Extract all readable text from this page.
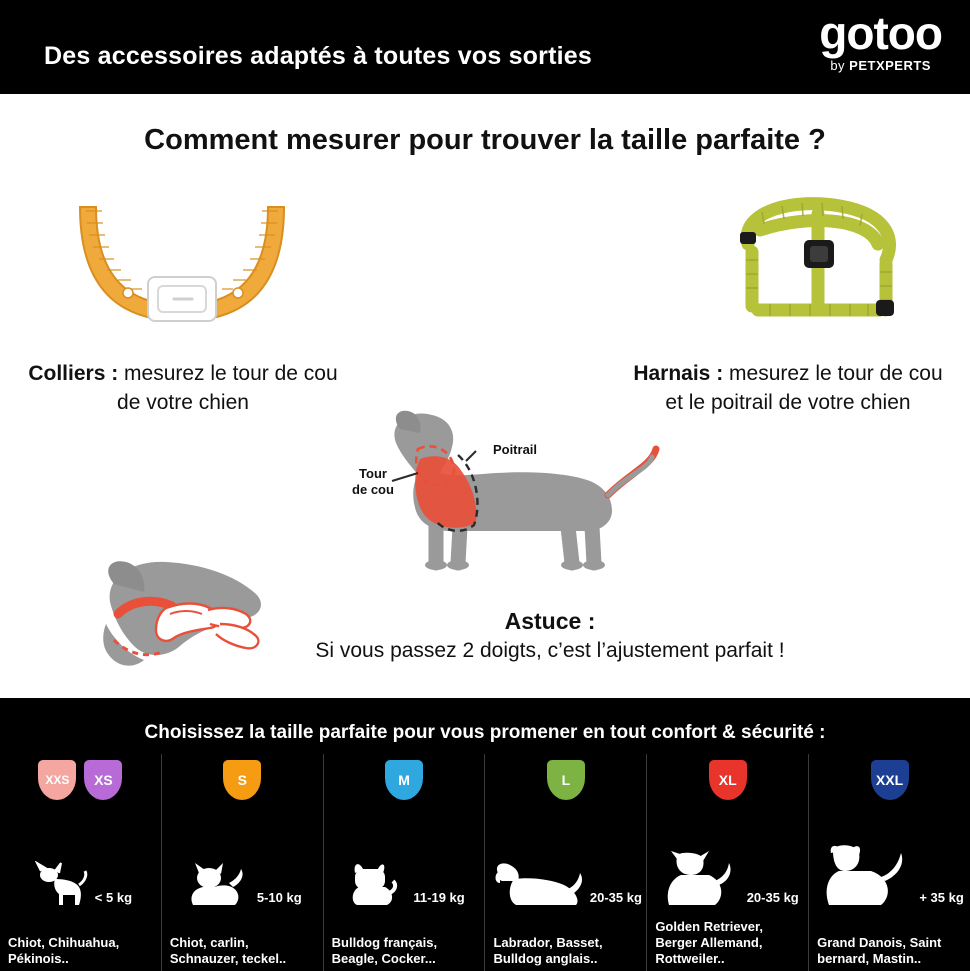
Des accessoires adaptés à toutes vos sorties	gotoo
by PETXPERTS
Comment mesurer pour trouver la taille parfaite ?
Colliers : mesurez le tour de cou de votre chien
Harnais : mesurez le tour de cou et le poitrail de votre chien
Tour
de cou
Poitrail
Astuce :
Si vous passez 2 doigts, c’est l’ajustement parfait !
Choisissez la taille parfaite pour vous promener en tout confort & sécurité :
XXS	XS
< 5 kg
Chiot, Chihuahua, Pékinois..
S
5-10 kg
Chiot, carlin, Schnauzer, teckel..
M
11-19 kg
Bulldog français, Beagle, Cocker...
L
20-35 kg
Labrador, Basset, Bulldog anglais..
XL
20-35 kg
Golden Retriever, Berger Allemand, Rottweiler..
XXL
+ 35 kg
Grand Danois, Saint bernard, Mastin..
